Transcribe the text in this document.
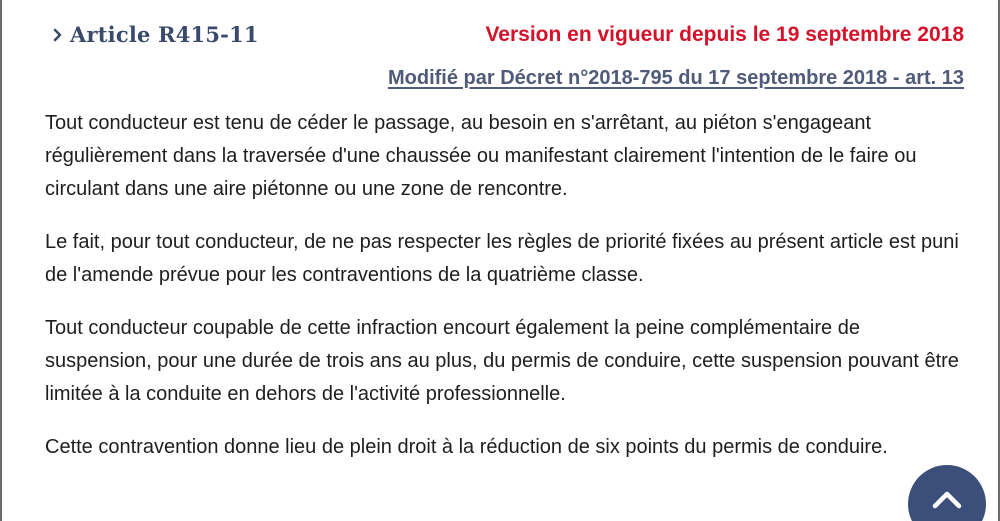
Article R415-11	Version en vigueur depuis le 19 septembre 2018
Modifié par Décret n°2018-795 du 17 septembre 2018 - art. 13

Tout conducteur est tenu de céder le passage, au besoin en s'arrêtant, au piéton s'engageant régulièrement dans la traversée d'une chaussée ou manifestant clairement l'intention de le faire ou circulant dans une aire piétonne ou une zone de rencontre.

Le fait, pour tout conducteur, de ne pas respecter les règles de priorité fixées au présent article est puni de l'amende prévue pour les contraventions de la quatrième classe.

Tout conducteur coupable de cette infraction encourt également la peine complémentaire de suspension, pour une durée de trois ans au plus, du permis de conduire, cette suspension pouvant être limitée à la conduite en dehors de l'activité professionnelle.

Cette contravention donne lieu de plein droit à la réduction de six points du permis de conduire.
